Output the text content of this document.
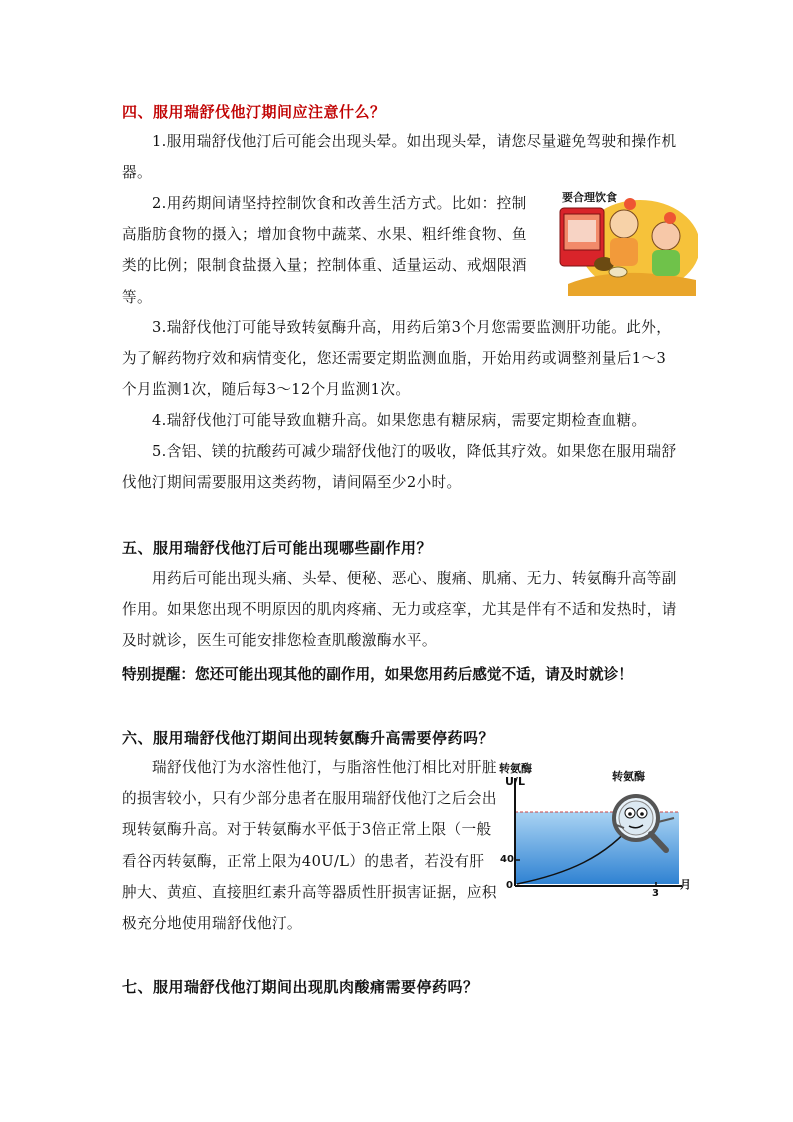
四、服用瑞舒伐他汀期间应注意什么？

1.服用瑞舒伐他汀后可能会出现头晕。如出现头晕，请您尽量避免驾驶和操作机器。

2.用药期间请坚持控制饮食和改善生活方式。比如：控制高脂肪食物的摄入；增加食物中蔬菜、水果、粗纤维食物、鱼类的比例；限制食盐摄入量；控制体重、适量运动、戒烟限酒等。

要合理饮食

3.瑞舒伐他汀可能导致转氨酶升高，用药后第3个月您需要监测肝功能。此外，为了解药物疗效和病情变化，您还需要定期监测血脂，开始用药或调整剂量后1～3个月监测1次，随后每3～12个月监测1次。

4.瑞舒伐他汀可能导致血糖升高。如果您患有糖尿病，需要定期检查血糖。

5.含铝、镁的抗酸药可减少瑞舒伐他汀的吸收，降低其疗效。如果您在服用瑞舒伐他汀期间需要服用这类药物，请间隔至少2小时。

五、服用瑞舒伐他汀后可能出现哪些副作用？

用药后可能出现头痛、头晕、便秘、恶心、腹痛、肌痛、无力、转氨酶升高等副作用。如果您出现不明原因的肌肉疼痛、无力或痉挛，尤其是伴有不适和发热时，请及时就诊，医生可能安排您检查肌酸激酶水平。

特别提醒：您还可能出现其他的副作用，如果您用药后感觉不适，请及时就诊！
六、服用瑞舒伐他汀期间出现转氨酶升高需要停药吗？

瑞舒伐他汀为水溶性他汀，与脂溶性他汀相比对肝脏的损害较小，只有少部分患者在服用瑞舒伐他汀之后会出现转氨酶升高。对于转氨酶水平低于3倍正常上限（一般看谷丙转氨酶，正常上限为40U/L）的患者，若没有肝肿大、黄疸、直接胆红素升高等器质性肝损害证据，应积极充分地使用瑞舒伐他汀。

转氨酶
U/L	转氨酶
40
0
3
月
七、服用瑞舒伐他汀期间出现肌肉酸痛需要停药吗？
